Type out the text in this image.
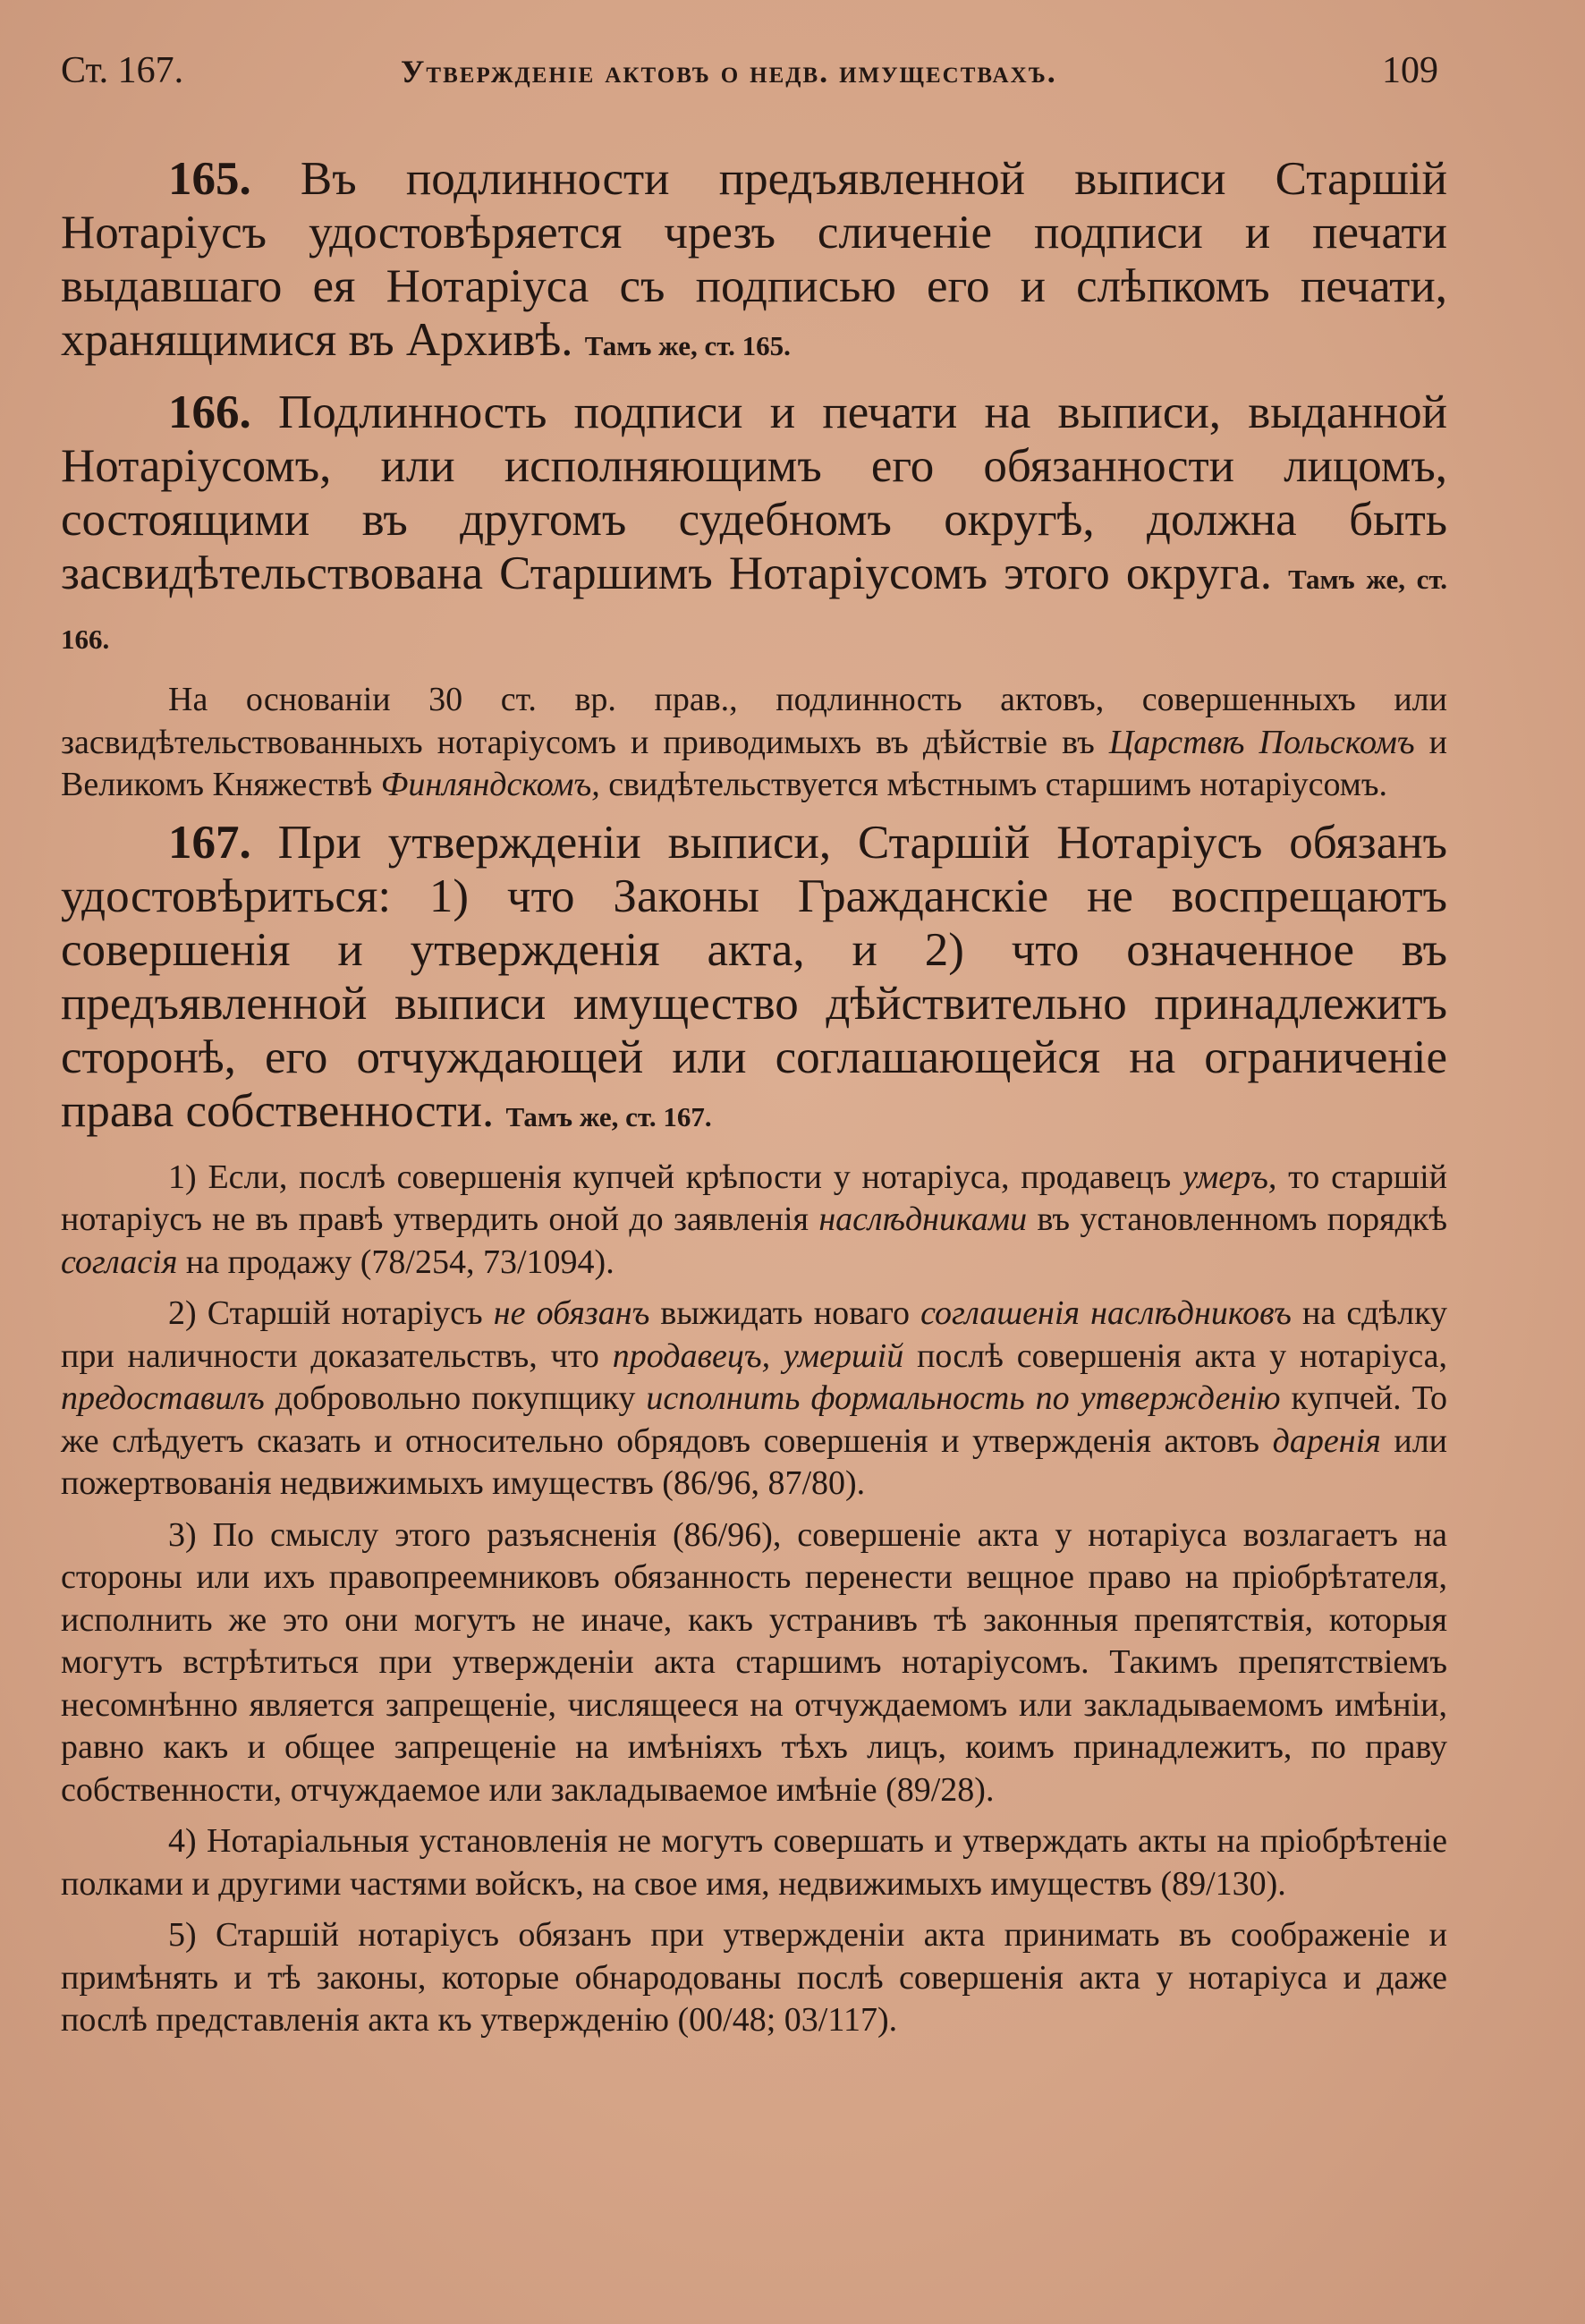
Ст. 167.	Утвержденіе актовъ о недв. имуществахъ.	109

165. Въ подлинности предъявленной выписи Старшій Нотаріусъ удостовѣряется чрезъ сличеніе подписи и печати выдавшаго ея Нотаріуса съ подписью его и слѣпкомъ печати, хранящимися въ Архивѣ. Тамъ же, ст. 165.

166. Подлинность подписи и печати на выписи, выданной Нотаріусомъ, или исполняющимъ его обязанности лицомъ, состоящими въ другомъ судебномъ округѣ, должна быть засвидѣтельствована Старшимъ Нотаріусомъ этого округа. Тамъ же, ст. 166.

На основаніи 30 ст. вр. прав., подлинность актовъ, совершенныхъ или засвидѣтельствованныхъ нотаріусомъ и приводимыхъ въ дѣйствіе въ Царствѣ Польскомъ и Великомъ Княжествѣ Финляндскомъ, свидѣтельствуется мѣстнымъ старшимъ нотаріусомъ.

167. При утвержденіи выписи, Старшій Нотаріусъ обязанъ удостовѣриться: 1) что Законы Гражданскіе не воспрещаютъ совершенія и утвержденія акта, и 2) что означенное въ предъявленной выписи имущество дѣйствительно принадлежитъ сторонѣ, его отчуждающей или соглашающейся на ограниченіе права собственности. Тамъ же, ст. 167.

1) Если, послѣ совершенія купчей крѣпости у нотаріуса, продавецъ умеръ, то старшій нотаріусъ не въ правѣ утвердить оной до заявленія наслѣдниками въ установленномъ порядкѣ согласія на продажу (78/254, 73/1094).

2) Старшій нотаріусъ не обязанъ выжидать новаго соглашенія наслѣдниковъ на сдѣлку при наличности доказательствъ, что продавецъ, умершій послѣ совершенія акта у нотаріуса, предоставилъ добровольно покупщику исполнить формальность по утвержденію купчей. То же слѣдуетъ сказать и относительно обрядовъ совершенія и утвержденія актовъ даренія или пожертвованія недвижимыхъ имуществъ (86/96, 87/80).

3) По смыслу этого разъясненія (86/96), совершеніе акта у нотаріуса возлагаетъ на стороны или ихъ правопреемниковъ обязанность перенести вещное право на пріобрѣтателя, исполнить же это они могутъ не иначе, какъ устранивъ тѣ законныя препятствія, которыя могутъ встрѣтиться при утвержденіи акта старшимъ нотаріусомъ. Такимъ препятствіемъ несомнѣнно является запрещеніе, числящееся на отчуждаемомъ или закладываемомъ имѣніи, равно какъ и общее запрещеніе на имѣніяхъ тѣхъ лицъ, коимъ принадлежитъ, по праву собственности, отчуждаемое или закладываемое имѣніе (89/28).

4) Нотаріальныя установленія не могутъ совершать и утверждать акты на пріобрѣтеніе полками и другими частями войскъ, на свое имя, недвижимыхъ имуществъ (89/130).

5) Старшій нотаріусъ обязанъ при утвержденіи акта принимать въ соображеніе и примѣнять и тѣ законы, которые обнародованы послѣ совершенія акта у нотаріуса и даже послѣ представленія акта къ утвержденію (00/48; 03/117).
